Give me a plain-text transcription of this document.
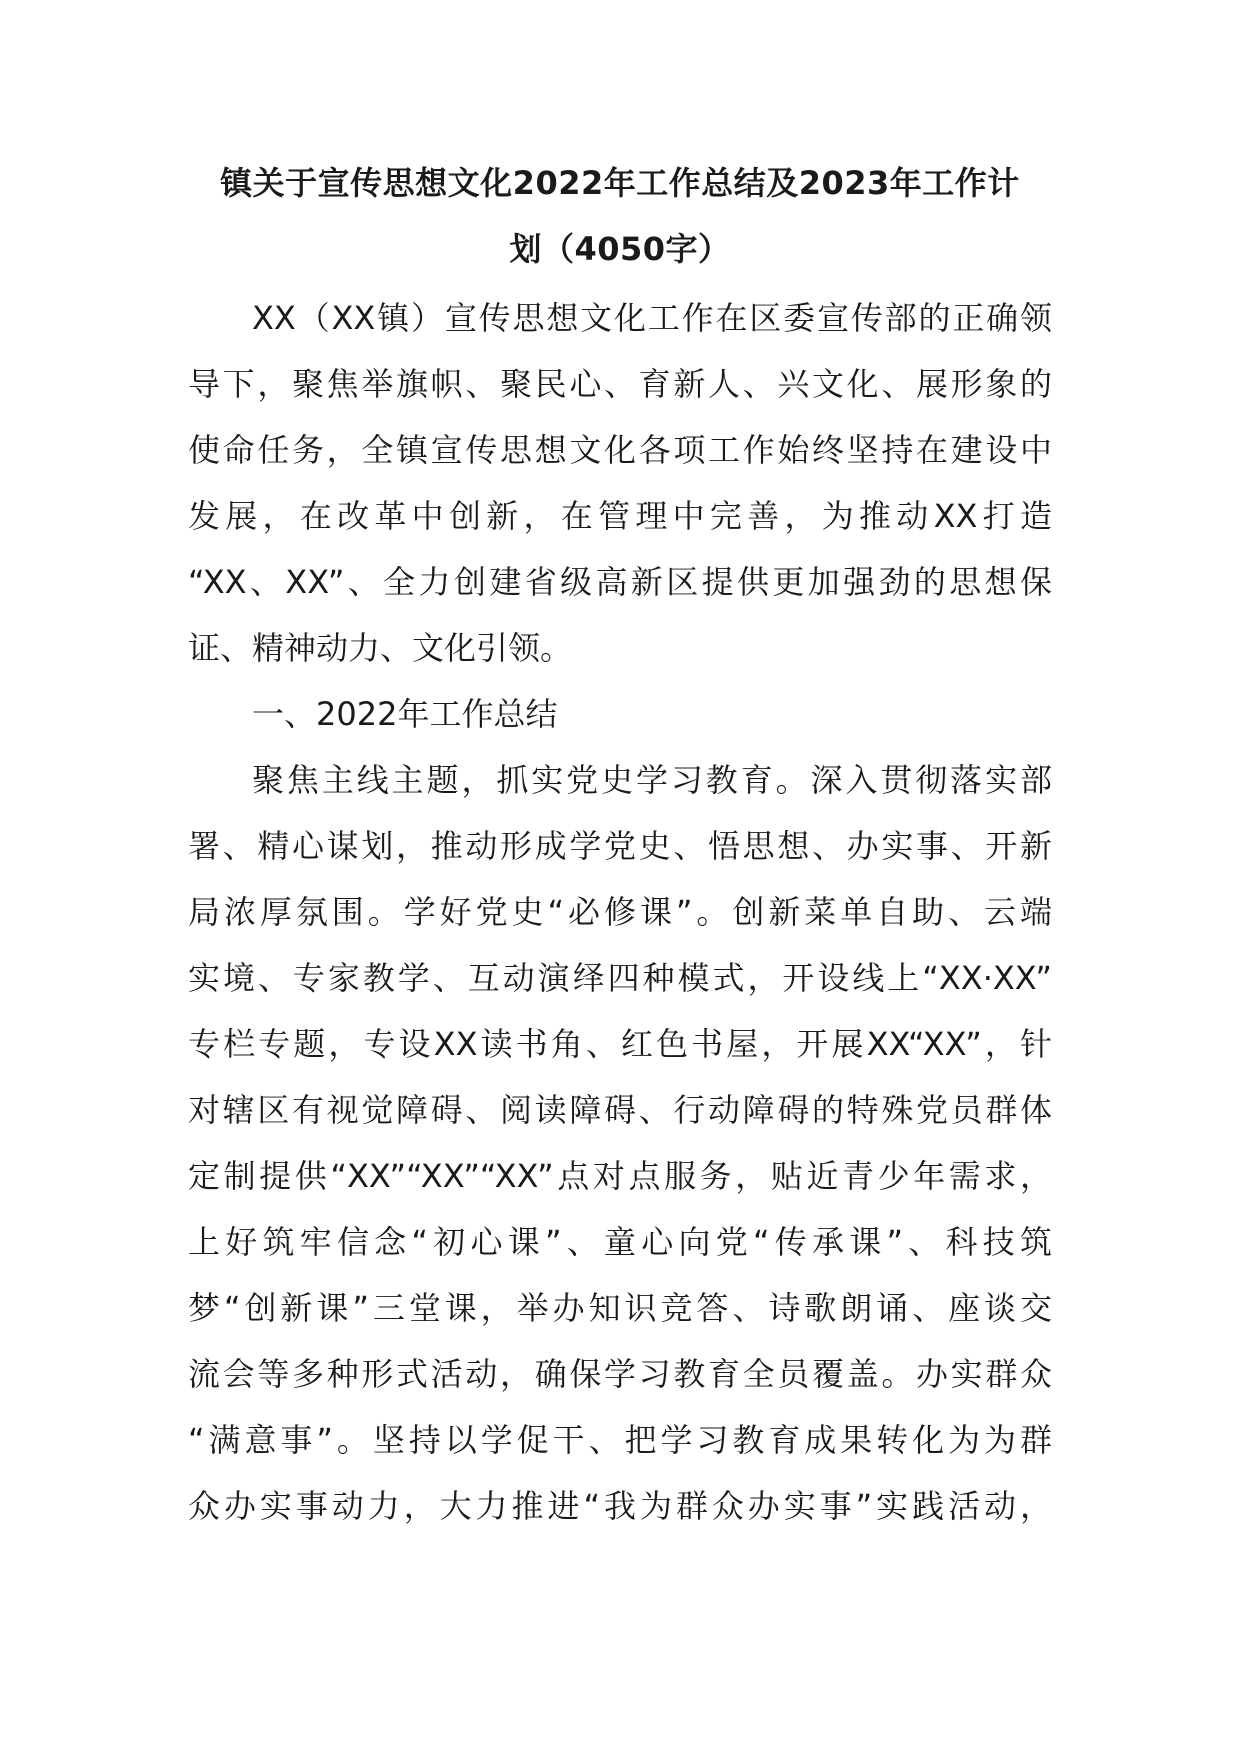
镇关于宣传思想文化2022年工作总结及2023年工作计
划（4050字）
XX（XX镇）宣传思想文化工作在区委宣传部的正确领
导下，聚焦举旗帜、聚民心、育新人、兴文化、展形象的
使命任务，全镇宣传思想文化各项工作始终坚持在建设中
发展，在改革中创新，在管理中完善，为推动XX打造
“XX、XX”、全力创建省级高新区提供更加强劲的思想保
证、精神动力、文化引领。
一、2022年工作总结
聚焦主线主题，抓实党史学习教育。深入贯彻落实部
署、精心谋划，推动形成学党史、悟思想、办实事、开新
局浓厚氛围。学好党史“必修课”。创新菜单自助、云端
实境、专家教学、互动演绎四种模式，开设线上“XX·XX”
专栏专题，专设XX读书角、红色书屋，开展XX“XX”，针
对辖区有视觉障碍、阅读障碍、行动障碍的特殊党员群体
定制提供“XX”“XX”“XX”点对点服务，贴近青少年需求，
上好筑牢信念“初心课”、童心向党“传承课”、科技筑
梦“创新课”三堂课，举办知识竞答、诗歌朗诵、座谈交
流会等多种形式活动，确保学习教育全员覆盖。办实群众
“满意事”。坚持以学促干、把学习教育成果转化为为群
众办实事动力，大力推进“我为群众办实事”实践活动，
